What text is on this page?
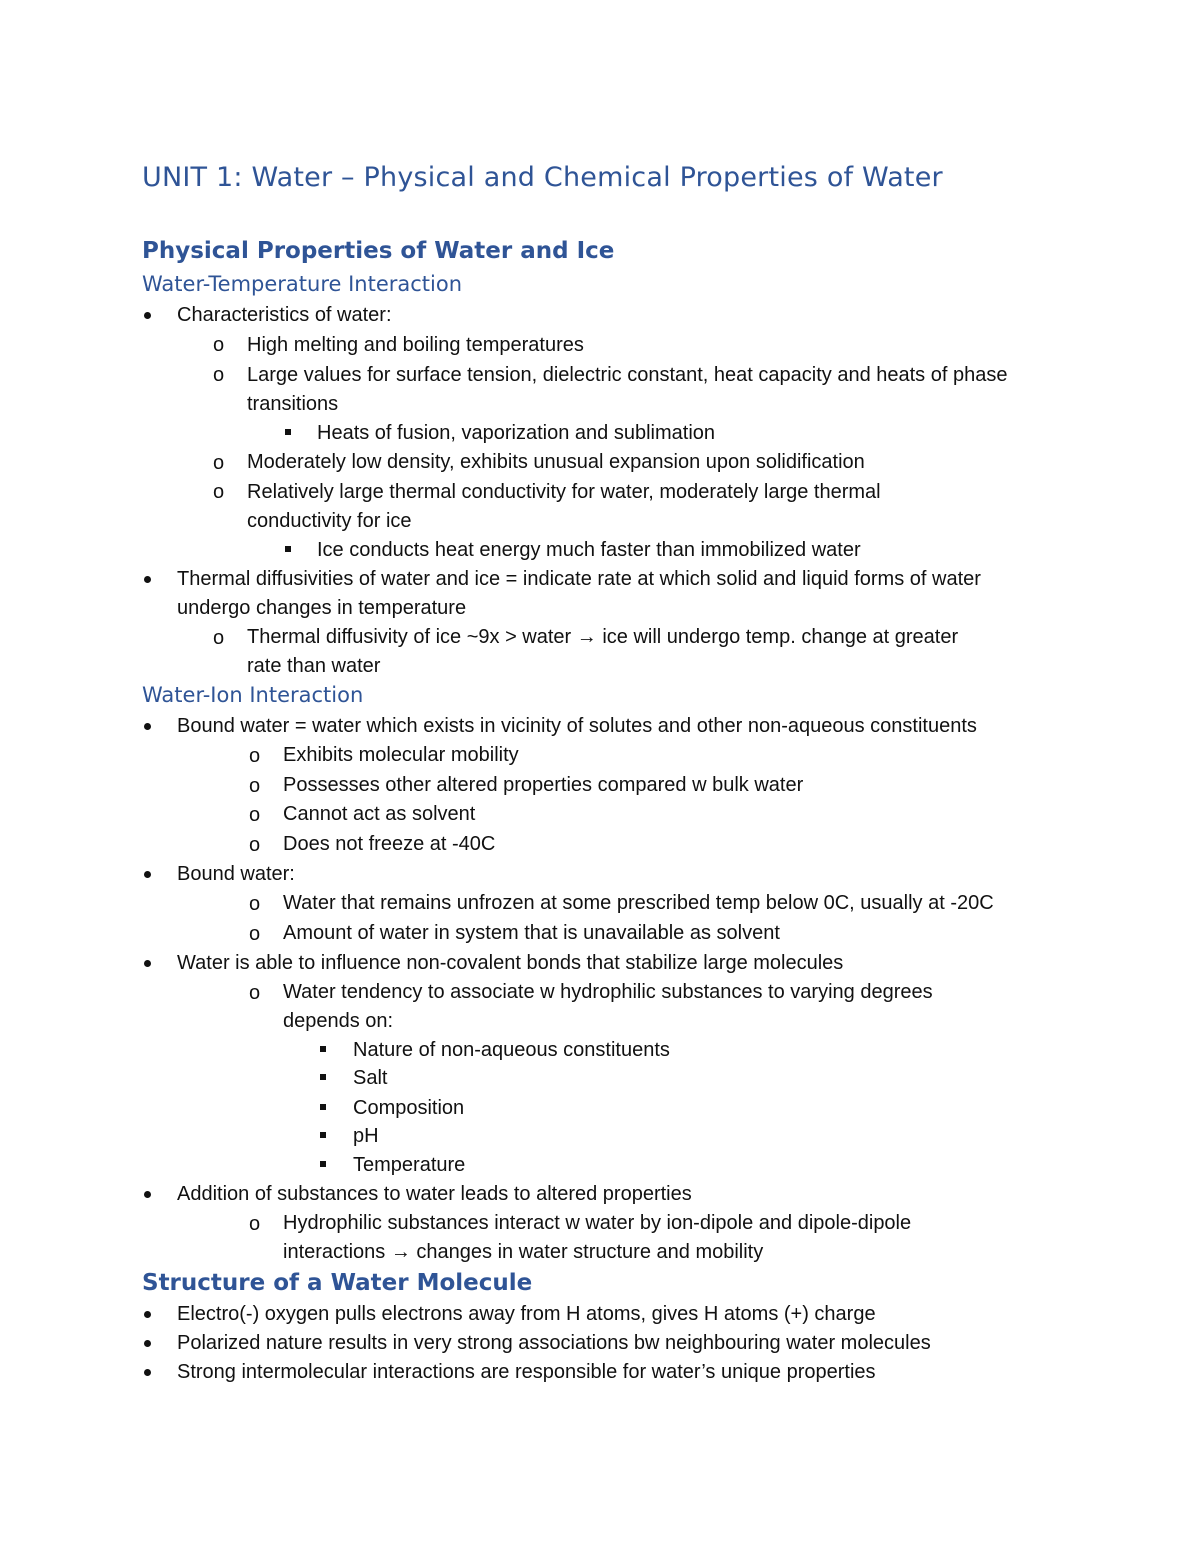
UNIT 1: Water – Physical and Chemical Properties of Water
Physical Properties of Water and Ice
Water-Temperature Interaction
Characteristics of water:
o High melting and boiling temperatures
o Large values for surface tension, dielectric constant, heat capacity and heats of phase
transitions
Heats of fusion, vaporization and sublimation
o Moderately low density, exhibits unusual expansion upon solidification
o Relatively large thermal conductivity for water, moderately large thermal
conductivity for ice
Ice conducts heat energy much faster than immobilized water
Thermal diffusivities of water and ice = indicate rate at which solid and liquid forms of water
undergo changes in temperature
o Thermal diffusivity of ice ~9x > water → ice will undergo temp. change at greater
rate than water
Water-Ion Interaction
Bound water = water which exists in vicinity of solutes and other non-aqueous constituents
o Exhibits molecular mobility
o Possesses other altered properties compared w bulk water
o Cannot act as solvent
o Does not freeze at -40C
Bound water:
o Water that remains unfrozen at some prescribed temp below 0C, usually at -20C
o Amount of water in system that is unavailable as solvent
Water is able to influence non-covalent bonds that stabilize large molecules
o Water tendency to associate w hydrophilic substances to varying degrees
depends on:
Nature of non-aqueous constituents
Salt
Composition
pH
Temperature
Addition of substances to water leads to altered properties
o Hydrophilic substances interact w water by ion-dipole and dipole-dipole
interactions → changes in water structure and mobility
Structure of a Water Molecule
Electro(-) oxygen pulls electrons away from H atoms, gives H atoms (+) charge
Polarized nature results in very strong associations bw neighbouring water molecules
Strong intermolecular interactions are responsible for water’s unique properties
